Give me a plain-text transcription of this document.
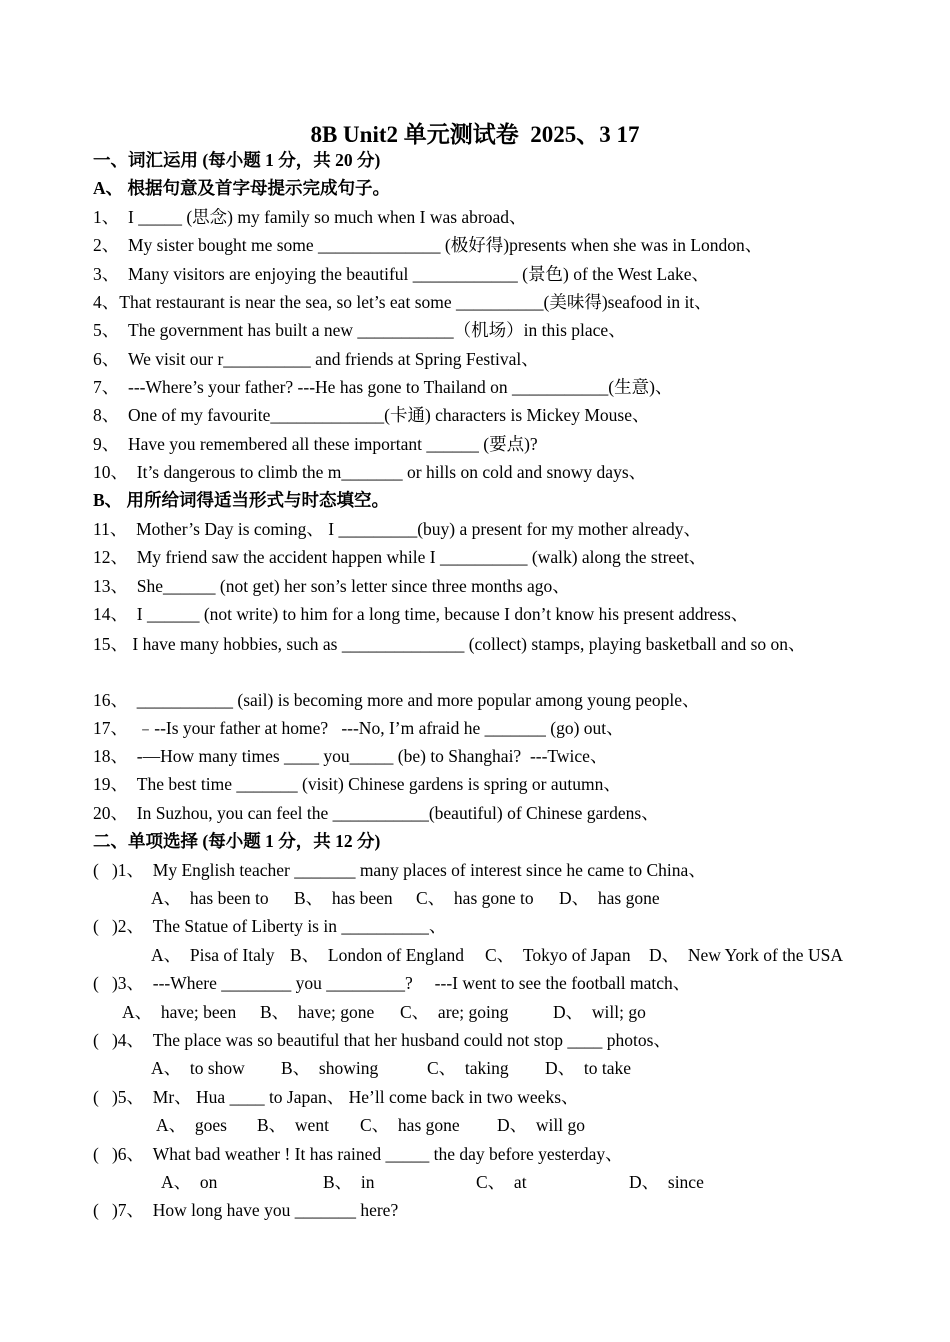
8B Unit2 单元测试卷  2025、3 17
一、词汇运用 (每小题 1 分，共 20 分)
A、 根据句意及首字母提示完成句子。
1、  I _____ (思念) my family so much when I was abroad、
2、  My sister bought me some ______________ (极好得)presents when she was in London、
3、  Many visitors are enjoying the beautiful ____________ (景色) of the West Lake、
4、That restaurant is near the sea, so let’s eat some __________(美味得)seafood in it、
5、  The government has built a new ___________（机场）in this place、
6、  We visit our r__________ and friends at Spring Festival、
7、  ---Where’s your father? ---He has gone to Thailand on ___________(生意)、
8、  One of my favourite_____________(卡通) characters is Mickey Mouse、
9、  Have you remembered all these important ______ (要点)?
10、  It’s dangerous to climb the m_______ or hills on cold and snowy days、
B、 用所给词得适当形式与时态填空。
11、  Mother’s Day is coming、 I _________(buy) a present for my mother already、
12、  My friend saw the accident happen while I __________ (walk) along the street、
13、  She______ (not get) her son’s letter since three months ago、
14、  I ______ (not write) to him for a long time, because I don’t know his present address、
15、 I have many hobbies, such as ______________ (collect) stamps, playing basketball and so on、
16、  ___________ (sail) is becoming more and more popular among young people、
17、  ﹣--Is your father at home?   ---No, I’m afraid he _______ (go) out、
18、  -—How many times ____ you_____ (be) to Shanghai?  ---Twice、
19、  The best time _______ (visit) Chinese gardens is spring or autumn、
20、  In Suzhou, you can feel the ___________(beautiful) of Chinese gardens、
二、单项选择 (每小题 1 分，共 12 分)
(   )1、  My English teacher _______ many places of interest since he came to China、
A、  has been to B、  has been C、  has gone to D、  has gone
(   )2、  The Statue of Liberty is in __________、
A、  Pisa of Italy B、  London of England C、  Tokyo of Japan D、  New York of the USA
(   )3、  ---Where ________ you _________?     ---I went to see the football match、
A、  have; been B、  have; gone C、  are; going	D、  will; go
(   )4、  The place was so beautiful that her husband could not stop ____ photos、
A、  to show B、  showing	C、  taking D、  to take
(   )5、  Mr、 Hua ____ to Japan、 He’ll come back in two weeks、
A、  goes B、  went C、  has gone D、  will go
(   )6、  What bad weather ! It has rained _____ the day before yesterday、
A、  on	B、  in	C、  at	D、  since
(   )7、  How long have you _______ here?
